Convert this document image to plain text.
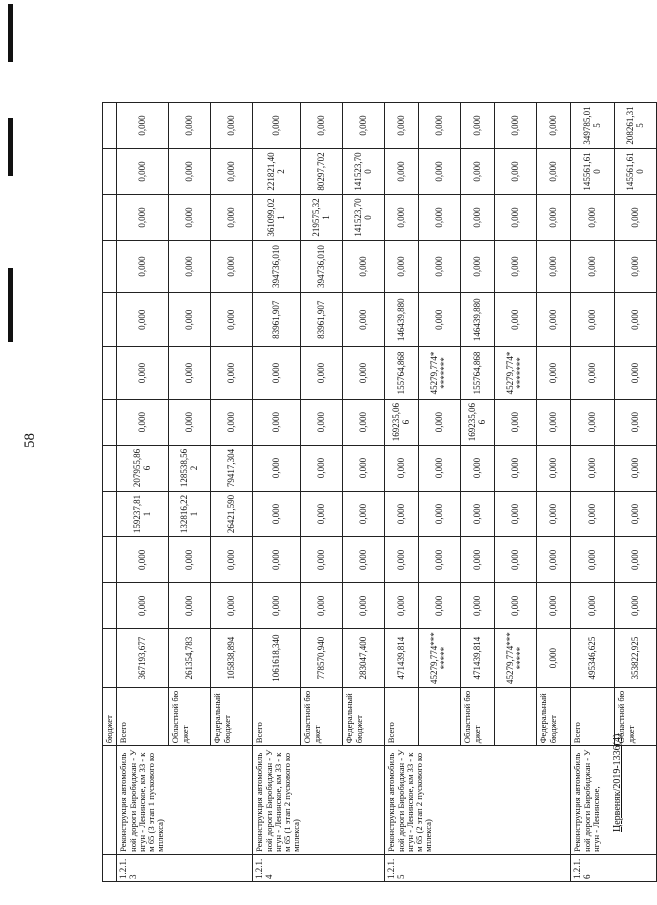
58
Цервеняк/2019-1336(4)
		бюджет												
1.2.1.3	Реконструкция автомобильной дороги Биробиджан - Унгун - Ленинское, км 33 - км 65 (3 этап 1 пускового комплекса)	Всего	367193,677	0,000	0,000	159237,811	207955,866	0,000	0,000	0,000	0,000	0,000	0,000	0,000
		Областной бюджет	261354,783	0,000	0,000	132816,221	128538,562	0,000	0,000	0,000	0,000	0,000	0,000	0,000
		Федеральный бюджет	105838,894	0,000	0,000	26421,590	79417,304	0,000	0,000	0,000	0,000	0,000	0,000	0,000
1.2.1.4	Реконструкция автомобильной дороги Биробиджан - Унгун - Ленинское, км 33 - км 65 (1 этап 2 пускового комплекса)	Всего	1061618,340	0,000	0,000	0,000	0,000	0,000	0,000	83961,907	394736,010	361099,021	221821,402	0,000
		Областной бюджет	778570,940	0,000	0,000	0,000	0,000	0,000	0,000	83961,907	394736,010	219575,321	80297,702	0,000
		Федеральный бюджет	283047,400	0,000	0,000	0,000	0,000	0,000	0,000	0,000	0,000	141523,700	141523,700	0,000
1.2.1.5	Реконструкция автомобильной дороги Биробиджан - Унгун - Ленинское, км 33 - км 65 (2 этап 2 пускового комплекса)	Всего	471439,814	0,000	0,000	0,000	0,000	169235,066	155764,868	146439,880	0,000	0,000	0,000	0,000
			45279,774********	0,000	0,000	0,000	0,000	0,000	45279,774********	0,000	0,000	0,000	0,000	0,000
		Областной бюджет	471439,814	0,000	0,000	0,000	0,000	169235,066	155764,868	146439,880	0,000	0,000	0,000	0,000
			45279,774********	0,000	0,000	0,000	0,000	0,000	45279,774********	0,000	0,000	0,000	0,000	0,000
		Федеральный бюджет	0,000	0,000	0,000	0,000	0,000	0,000	0,000	0,000	0,000	0,000	0,000	0,000
1.2.1.6	Реконструкция автомобильной дороги Биробиджан - Унгун - Ленинское,	Всего	495346,625	0,000	0,000	0,000	0,000	0,000	0,000	0,000	0,000	0,000	145561,610	349785,015
		Областной бюджет	353822,925	0,000	0,000	0,000	0,000	0,000	0,000	0,000	0,000	0,000	145561,610	208261,315
